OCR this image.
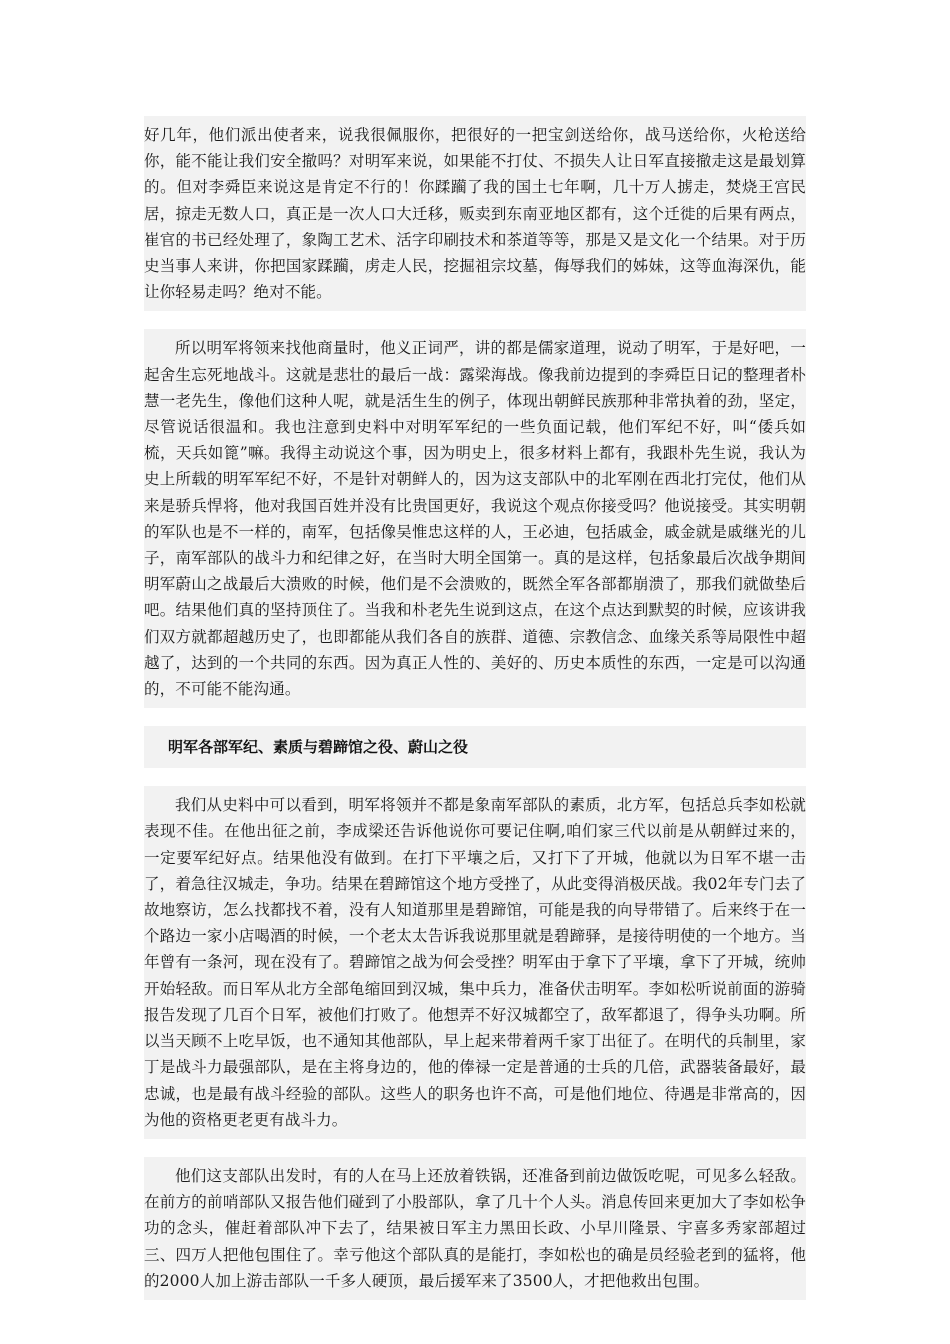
好几年，他们派出使者来，说我很佩服你，把很好的一把宝剑送给你，战马送给你，火枪送给你，能不能让我们安全撤吗？对明军来说，如果能不打仗、不损失人让日军直接撤走这是最划算的。但对李舜臣来说这是肯定不行的！你蹂躏了我的国土七年啊，几十万人掳走，焚烧王宫民居，掠走无数人口，真正是一次人口大迁移，贩卖到东南亚地区都有，这个迁徙的后果有两点，崔官的书已经处理了，象陶工艺术、活字印刷技术和茶道等等，那是又是文化一个结果。对于历史当事人来讲，你把国家蹂躏，虏走人民，挖掘祖宗坟墓，侮辱我们的姊妹，这等血海深仇，能让你轻易走吗？绝对不能。

所以明军将领来找他商量时，他义正词严，讲的都是儒家道理，说动了明军，于是好吧，一起舍生忘死地战斗。这就是悲壮的最后一战：露梁海战。像我前边提到的李舜臣日记的整理者朴慧一老先生，像他们这种人呢，就是活生生的例子，体现出朝鲜民族那种非常执着的劲，坚定，尽管说话很温和。我也注意到史料中对明军军纪的一些负面记载，他们军纪不好，叫“倭兵如梳，天兵如篦”嘛。我得主动说这个事，因为明史上，很多材料上都有，我跟朴先生说，我认为史上所载的明军军纪不好，不是针对朝鲜人的，因为这支部队中的北军刚在西北打完仗，他们从来是骄兵悍将，他对我国百姓并没有比贵国更好，我说这个观点你接受吗？他说接受。其实明朝的军队也是不一样的，南军，包括像吴惟忠这样的人，王必迪，包括戚金，戚金就是戚继光的儿子，南军部队的战斗力和纪律之好，在当时大明全国第一。真的是这样，包括象最后次战争期间明军蔚山之战最后大溃败的时候，他们是不会溃败的，既然全军各部都崩溃了，那我们就做垫后吧。结果他们真的坚持顶住了。当我和朴老先生说到这点，在这个点达到默契的时候，应该讲我们双方就都超越历史了，也即都能从我们各自的族群、道德、宗教信念、血缘关系等局限性中超越了，达到的一个共同的东西。因为真正人性的、美好的、历史本质性的东西，一定是可以沟通的，不可能不能沟通。

明军各部军纪、素质与碧蹄馆之役、蔚山之役

我们从史料中可以看到，明军将领并不都是象南军部队的素质，北方军，包括总兵李如松就表现不佳。在他出征之前，李成梁还告诉他说你可要记住啊,咱们家三代以前是从朝鲜过来的，一定要军纪好点。结果他没有做到。在打下平壤之后，又打下了开城，他就以为日军不堪一击了，着急往汉城走，争功。结果在碧蹄馆这个地方受挫了，从此变得消极厌战。我02年专门去了故地察访，怎么找都找不着，没有人知道那里是碧蹄馆，可能是我的向导带错了。后来终于在一个路边一家小店喝酒的时候，一个老太太告诉我说那里就是碧蹄驿，是接待明使的一个地方。当年曾有一条河，现在没有了。碧蹄馆之战为何会受挫？明军由于拿下了平壤，拿下了开城，统帅开始轻敌。而日军从北方全部龟缩回到汉城，集中兵力，准备伏击明军。李如松听说前面的游骑报告发现了几百个日军，被他们打败了。他想弄不好汉城都空了，敌军都退了，得争头功啊。所以当天顾不上吃早饭，也不通知其他部队，早上起来带着两千家丁出征了。在明代的兵制里，家丁是战斗力最强部队，是在主将身边的，他的俸禄一定是普通的士兵的几倍，武器装备最好，最忠诚，也是最有战斗经验的部队。这些人的职务也许不高，可是他们地位、待遇是非常高的，因为他的资格更老更有战斗力。

他们这支部队出发时，有的人在马上还放着铁锅，还准备到前边做饭吃呢，可见多么轻敌。在前方的前哨部队又报告他们碰到了小股部队，拿了几十个人头。消息传回来更加大了李如松争功的念头，催赶着部队冲下去了，结果被日军主力黑田长政、小早川隆景、宇喜多秀家部超过三、四万人把他包围住了。幸亏他这个部队真的是能打，李如松也的确是员经验老到的猛将，他的2000人加上游击部队一千多人硬顶，最后援军来了3500人，才把他救出包围。
